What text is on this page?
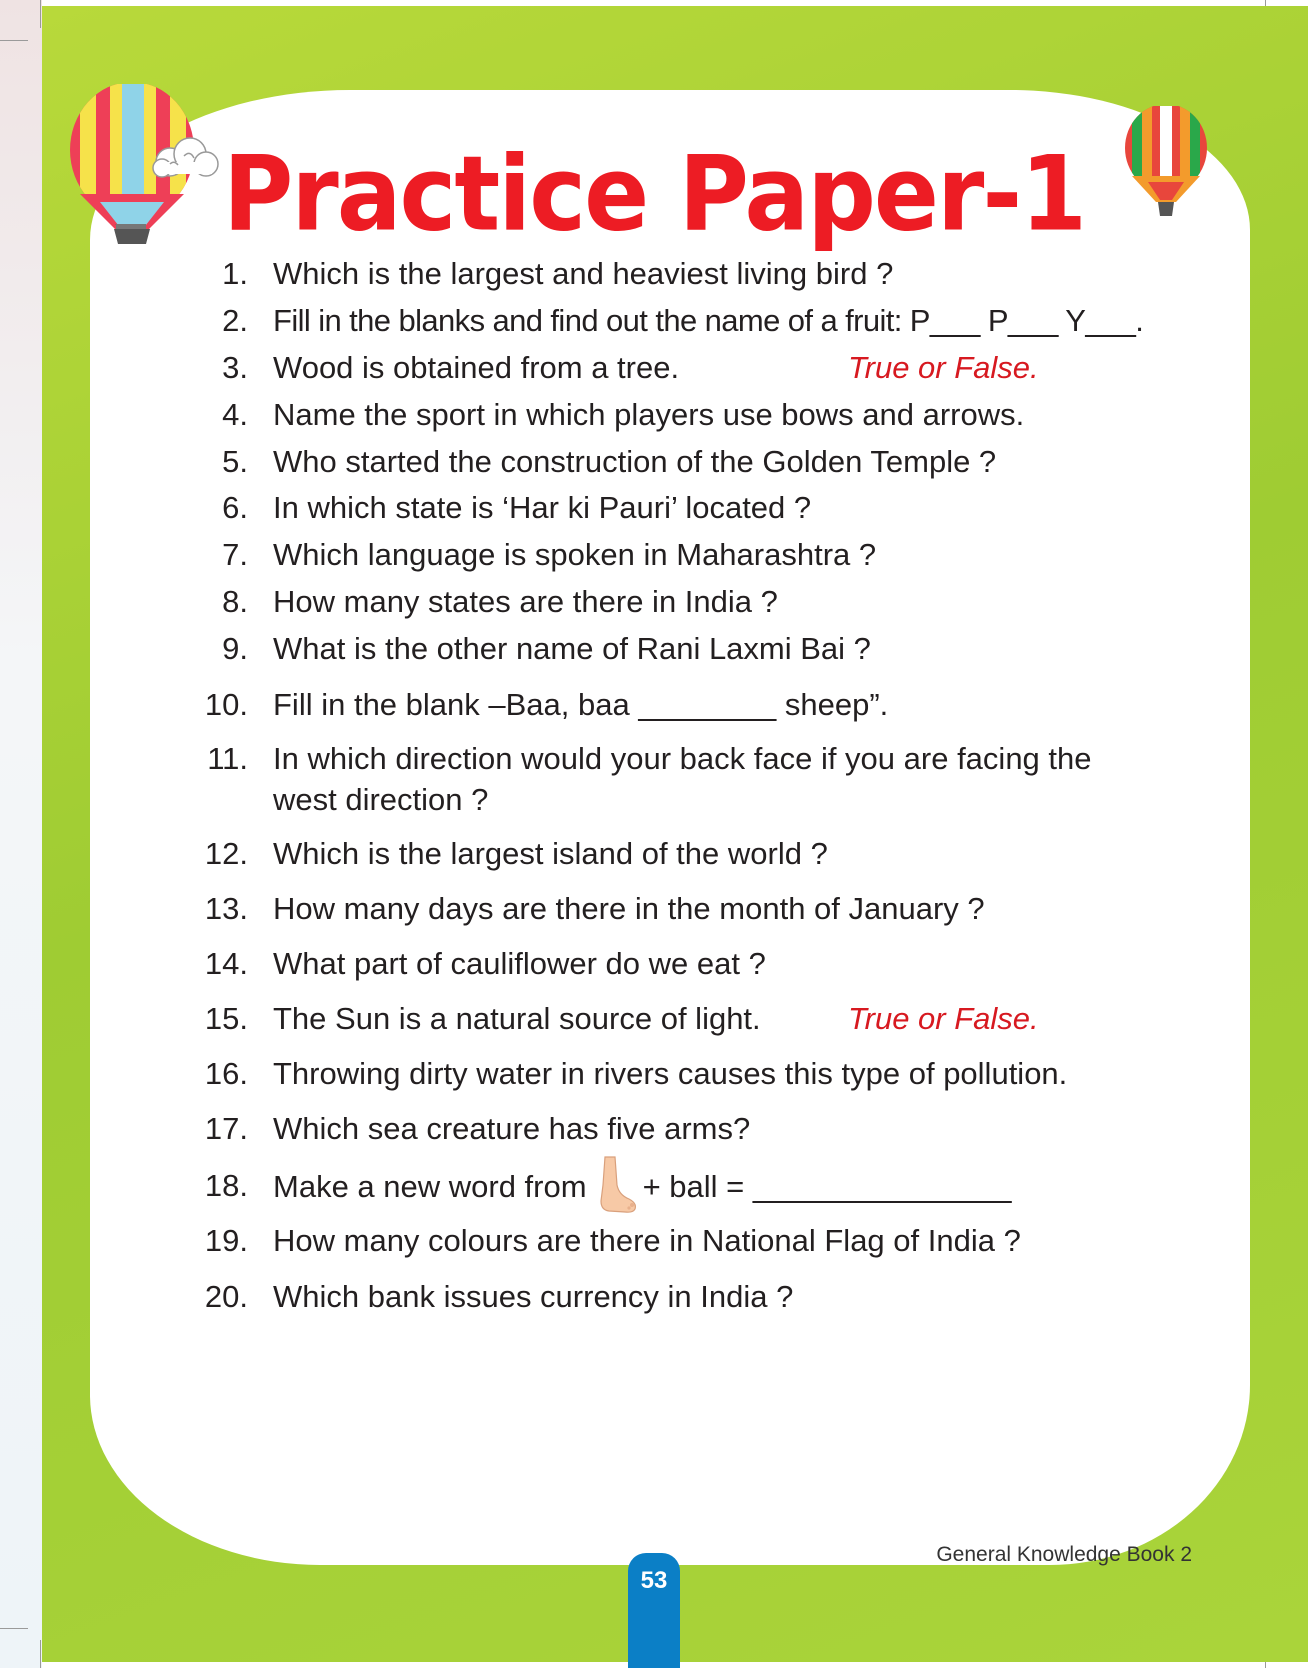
Practice Paper-1
1. Which is the largest and heaviest living bird ?
2. Fill in the blanks and find out the name of a fruit: P___ P___ Y___.
3. Wood is obtained from a tree.	True or False.
4. Name the sport in which players use bows and arrows.
5. Who started the construction of the Golden Temple ?
6. In which state is ‘Har ki Pauri’ located ?
7. Which language is spoken in Maharashtra ?
8. How many states are there in India ?
9. What is the other name of Rani Laxmi Bai ?
10. Fill in the blank –Baa, baa ________ sheep”.
11. In which direction would your back face if you are facing the
west direction ?
12. Which is the largest island of the world ?
13. How many days are there in the month of January ?
14. What part of cauliflower do we eat ?
15. The Sun is a natural source of light.	True or False.
16. Throwing dirty water in rivers causes this type of pollution.
17. Which sea creature has five arms?
18. Make a new word from + ball = _______________
19. How many colours are there in National Flag of India ?
20. Which bank issues currency in India ?
General Knowledge Book 2
53
